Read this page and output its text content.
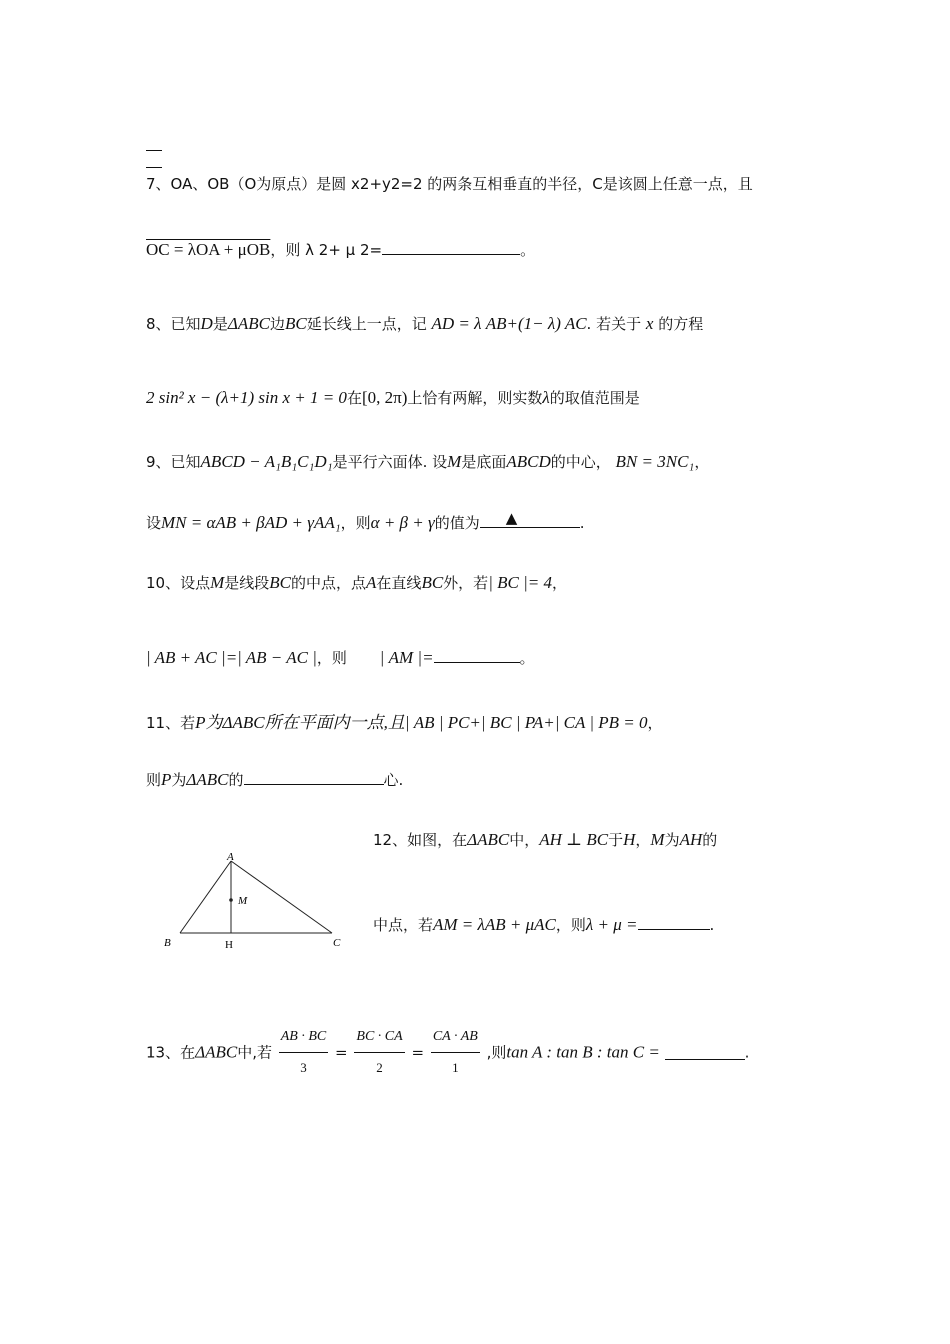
7、OA、OB（O为原点）是圆 x2+y2=2 的两条互相垂直的半径，C是该圆上任意一点，且
OC = λOA + μOB，则 λ 2+ μ 2=	。
8、已知D是ΔABC边BC延长线上一点，记 AD = λ AB+(1− λ) AC. 若关于 x 的方程
2 sin² x − (λ+1) sin x + 1 = 0在[0, 2π)上恰有两解，则实数λ的取值范围是
9、已知ABCD − A₁B₁C₁D₁是平行六面体. 设M是底面ABCD的中心， BN = 3NC₁，
设MN = αAB + βAD + γAA₁，则α + β + γ的值为 ▲	.
10、设点M是线段BC的中点，点A在直线BC外，若| BC |= 4，
| AB + AC |=| AB − AC |，则 | AM |=	。
11、若P为ΔABC所在平面内一点,且| AB | PC+| BC | PA+| CA | PB = 0，
则P为ΔABC的	心.
12、如图，在ΔABC中，AH ⊥ BC于H，M为AH的
中点，若AM = λAB + μAC，则λ + μ =	.
A
M
B	H	C
13、在ΔABC中,若 $\frac{AB \cdot BC}{3} = \frac{BC \cdot CA}{2} = \frac{CA \cdot AB}{1}$ ,则tan A : tan B : tan C =	.
